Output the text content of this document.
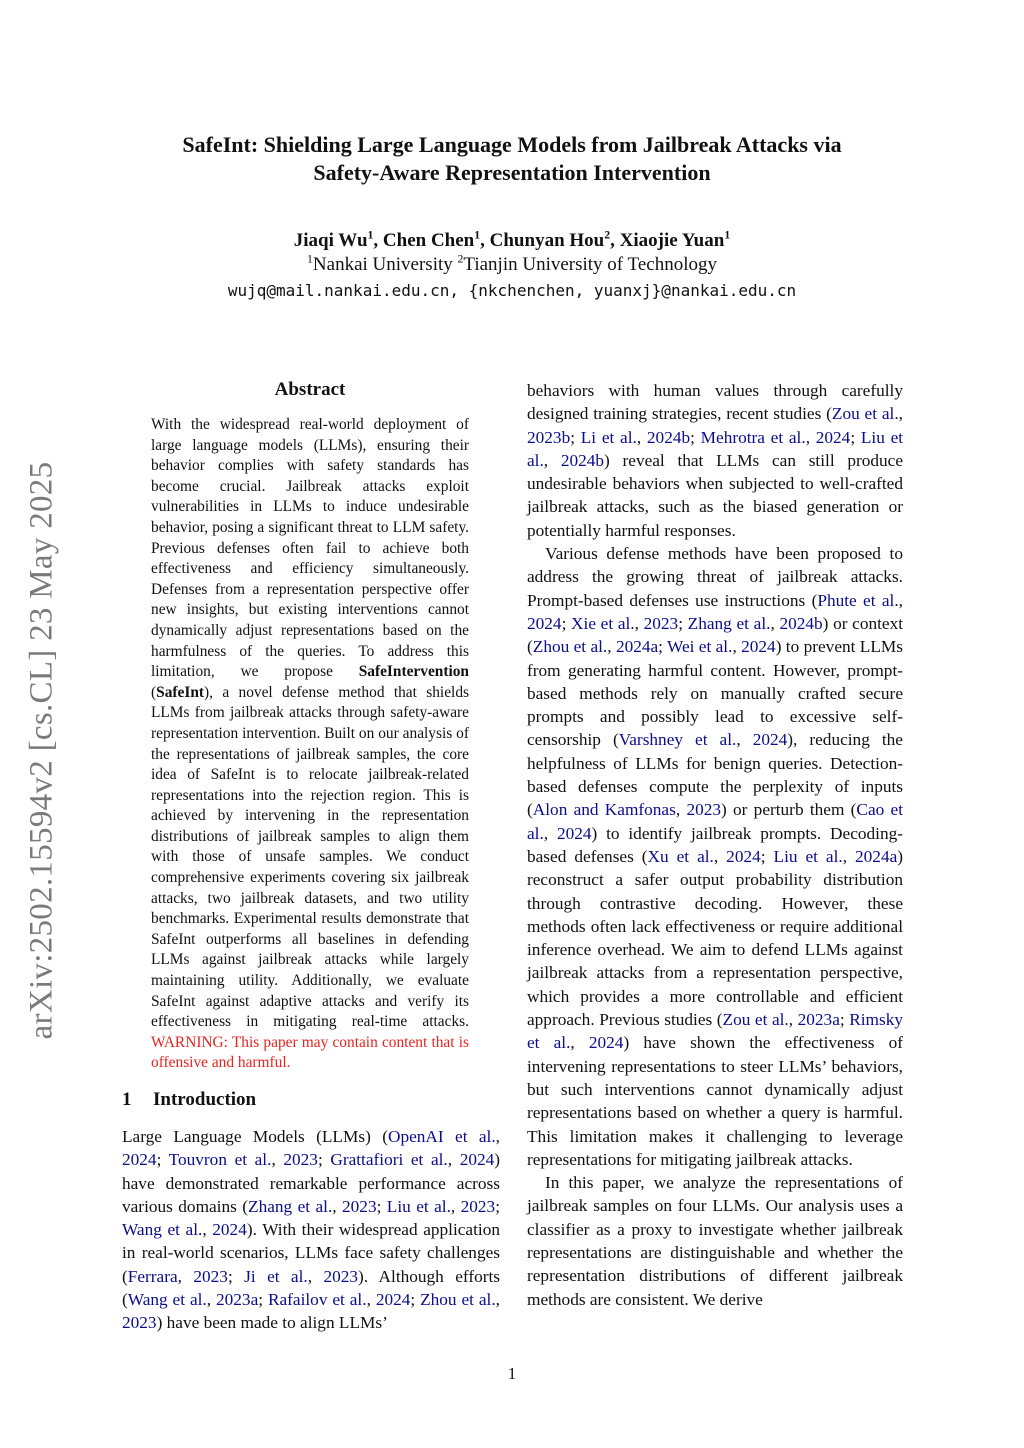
arXiv:2502.15594v2 [cs.CL] 23 May 2025
SafeInt: Shielding Large Language Models from Jailbreak Attacks via
Safety-Aware Representation Intervention
Jiaqi Wu$^1$, Chen Chen$^1$, Chunyan Hou$^2$, Xiaojie Yuan$^1$
$^1$Nankai University $^2$Tianjin University of Technology
wujq@mail.nankai.edu.cn, {nkchenchen, yuanxj}@nankai.edu.cn
Abstract
With the widespread real-world deployment of large language models (LLMs), ensuring their behavior complies with safety standards has become crucial. Jailbreak attacks exploit vulnerabilities in LLMs to induce undesirable behavior, posing a significant threat to LLM safety. Previous defenses often fail to achieve both effectiveness and efficiency simultaneously. Defenses from a representation perspective offer new insights, but existing interventions cannot dynamically adjust representations based on the harmfulness of the queries. To address this limitation, we propose SafeIntervention (SafeInt), a novel defense method that shields LLMs from jailbreak attacks through safety-aware representation intervention. Built on our analysis of the representations of jailbreak samples, the core idea of SafeInt is to relocate jailbreak-related representations into the rejection region. This is achieved by intervening in the representation distributions of jailbreak samples to align them with those of unsafe samples. We conduct comprehensive experiments covering six jailbreak attacks, two jailbreak datasets, and two utility benchmarks. Experimental results demonstrate that SafeInt outperforms all baselines in defending LLMs against jailbreak attacks while largely maintaining utility. Additionally, we evaluate SafeInt against adaptive attacks and verify its effectiveness in mitigating real-time attacks. WARNING: This paper may contain content that is offensive and harmful.
1 Introduction

Large Language Models (LLMs) (OpenAI et al., 2024; Touvron et al., 2023; Grattafiori et al., 2024) have demonstrated remarkable performance across various domains (Zhang et al., 2023; Liu et al., 2023; Wang et al., 2024). With their widespread application in real-world scenarios, LLMs face safety challenges (Ferrara, 2023; Ji et al., 2023). Although efforts (Wang et al., 2023a; Rafailov et al., 2024; Zhou et al., 2023) have been made to align LLMs’

behaviors with human values through carefully designed training strategies, recent studies (Zou et al., 2023b; Li et al., 2024b; Mehrotra et al., 2024; Liu et al., 2024b) reveal that LLMs can still produce undesirable behaviors when subjected to well-crafted jailbreak attacks, such as the biased generation or potentially harmful responses.

Various defense methods have been proposed to address the growing threat of jailbreak attacks. Prompt-based defenses use instructions (Phute et al., 2024; Xie et al., 2023; Zhang et al., 2024b) or context (Zhou et al., 2024a; Wei et al., 2024) to prevent LLMs from generating harmful content. However, prompt-based methods rely on manually crafted secure prompts and possibly lead to excessive self-censorship (Varshney et al., 2024), reducing the helpfulness of LLMs for benign queries. Detection-based defenses compute the perplexity of inputs (Alon and Kamfonas, 2023) or perturb them (Cao et al., 2024) to identify jailbreak prompts. Decoding-based defenses (Xu et al., 2024; Liu et al., 2024a) reconstruct a safer output probability distribution through contrastive decoding. However, these methods often lack effectiveness or require additional inference overhead. We aim to defend LLMs against jailbreak attacks from a representation perspective, which provides a more controllable and efficient approach. Previous studies (Zou et al., 2023a; Rimsky et al., 2024) have shown the effectiveness of intervening representations to steer LLMs’ behaviors, but such interventions cannot dynamically adjust representations based on whether a query is harmful. This limitation makes it challenging to leverage representations for mitigating jailbreak attacks.

In this paper, we analyze the representations of jailbreak samples on four LLMs. Our analysis uses a classifier as a proxy to investigate whether jailbreak representations are distinguishable and whether the representation distributions of different jailbreak methods are consistent. We derive

1
